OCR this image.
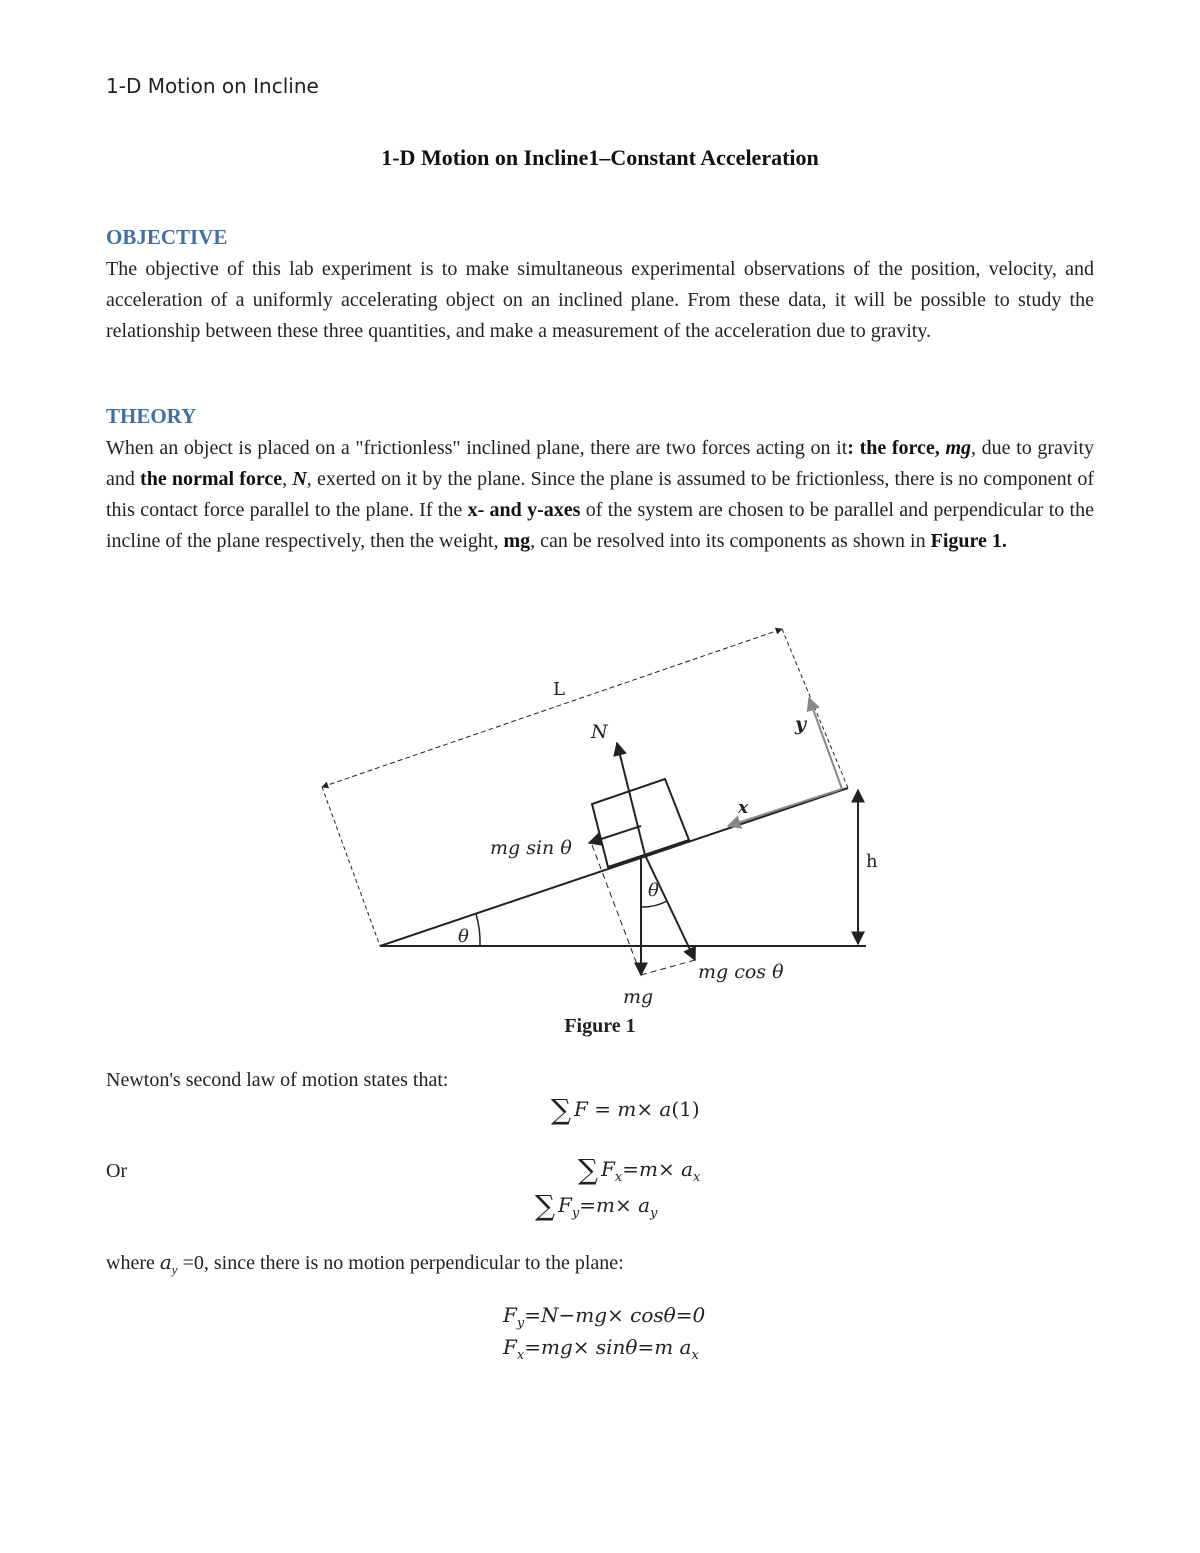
1-D Motion on Incline
1-D Motion on Incline1–Constant Acceleration
OBJECTIVE
The objective of this lab experiment is to make simultaneous experimental observations of the position, velocity, and acceleration of a uniformly accelerating object on an inclined plane. From these data, it will be possible to study the relationship between these three quantities, and make a measurement of the acceleration due to gravity.
THEORY
When an object is placed on a "frictionless" inclined plane, there are two forces acting on it: the force, mg, due to gravity and the normal force, N, exerted on it by the plane. Since the plane is assumed to be frictionless, there is no component of this contact force parallel to the plane. If the x- and y-axes of the system are chosen to be parallel and perpendicular to the incline of the plane respectively, then the weight, mg, can be resolved into its components as shown in Figure 1.
L
N	y
x
h
mg sin θ
mg cos θ
mg
θ
θ
Figure 1
Newton's second law of motion states that:
∑ F = m× a(1)
Or	∑ $F_x=m\times a_x$
∑ $F_y=m\times a_y$
where $a_y =0$, since there is no motion perpendicular to the plane:
$F_y=N-mg\times \cos\theta=0$
$F_x=mg\times \sin\theta=m$ $a_x$
